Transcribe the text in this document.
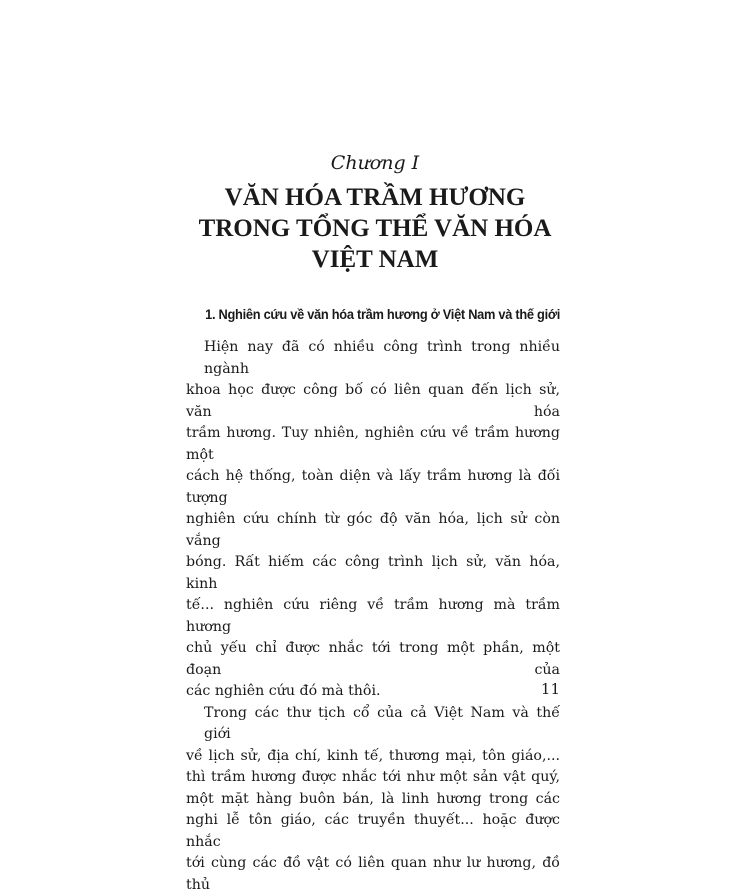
Chương I
VĂN HÓA TRẦM HƯƠNG
TRONG TỔNG THỂ VĂN HÓA
VIỆT NAM
1. Nghiên cứu về văn hóa trầm hương ở Việt Nam và thế giới
Hiện nay đã có nhiều công trình trong nhiều ngành
khoa học được công bố có liên quan đến lịch sử, văn hóa
trầm hương. Tuy nhiên, nghiên cứu về trầm hương một
cách hệ thống, toàn diện và lấy trầm hương là đối tượng
nghiên cứu chính từ góc độ văn hóa, lịch sử còn vắng
bóng. Rất hiếm các công trình lịch sử, văn hóa, kinh
tế... nghiên cứu riêng về trầm hương mà trầm hương
chủ yếu chỉ được nhắc tới trong một phần, một đoạn của
các nghiên cứu đó mà thôi.
Trong các thư tịch cổ của cả Việt Nam và thế giới
về lịch sử, địa chí, kinh tế, thương mại, tôn giáo,...
thì trầm hương được nhắc tới như một sản vật quý,
một mặt hàng buôn bán, là linh hương trong các
nghi lễ tôn giáo, các truyền thuyết... hoặc được nhắc
tới cùng các đồ vật có liên quan như lư hương, đồ thủ
11
